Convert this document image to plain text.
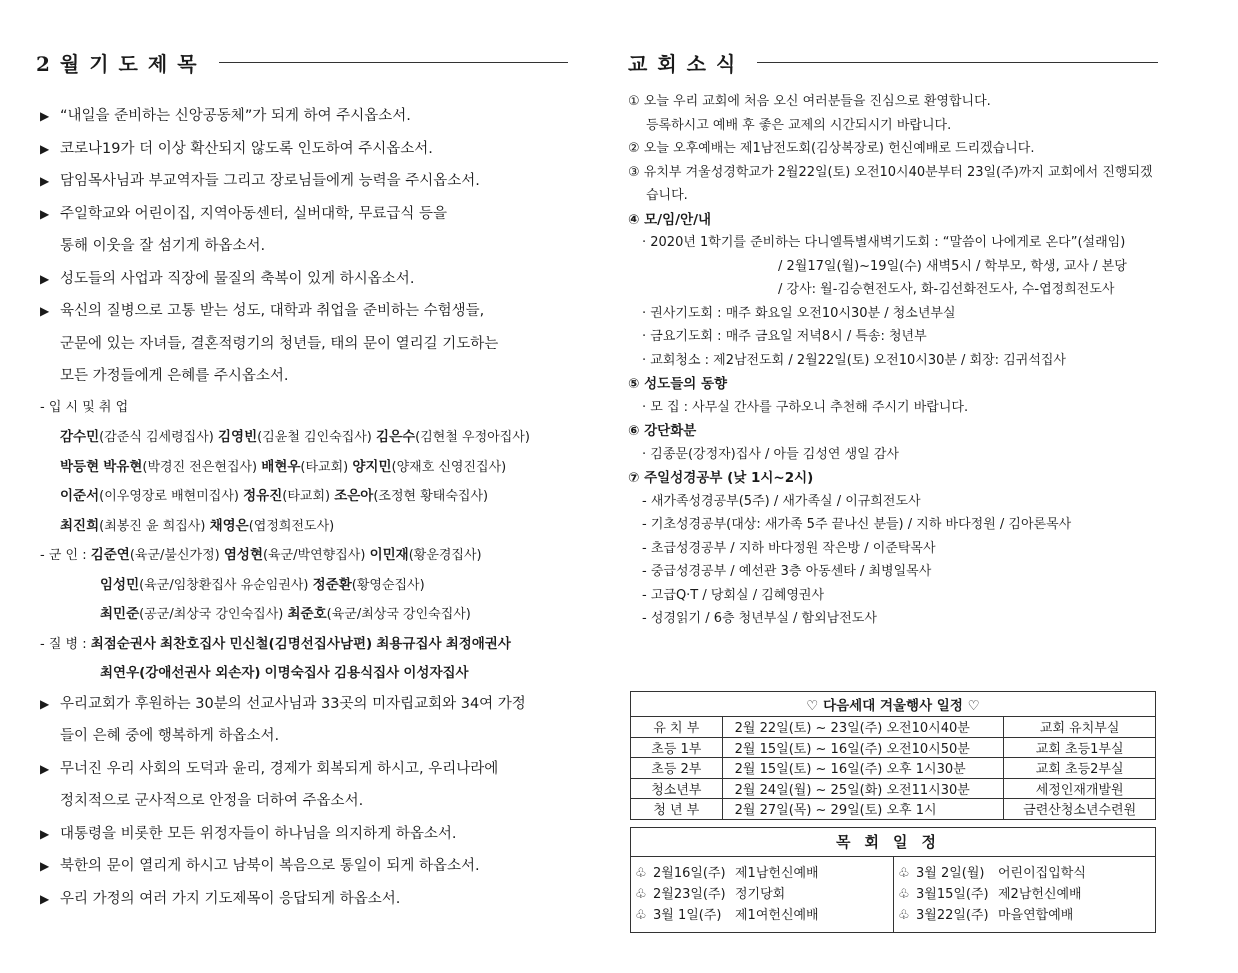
2월기도제목
▶ “내일을 준비하는 신앙공동체”가 되게 하여 주시옵소서.
▶ 코로나19가 더 이상 확산되지 않도록 인도하여 주시옵소서.
▶ 담임목사님과 부교역자들 그리고 장로님들에게 능력을 주시옵소서.
▶ 주일학교와 어린이집, 지역아동센터, 실버대학, 무료급식 등을
통해 이웃을 잘 섬기게 하옵소서.
▶ 성도들의 사업과 직장에 물질의 축복이 있게 하시옵소서.
▶ 육신의 질병으로 고통 받는 성도, 대학과 취업을 준비하는 수험생들,
군문에 있는 자녀들, 결혼적령기의 청년들, 태의 문이 열리길 기도하는
모든 가정들에게 은혜를 주시옵소서.
- 입 시 및 취 업
감수민(감준식 김세령집사) 김영빈(김윤철 김인숙집사) 김은수(김현철 우정아집사)
박등현 박유현(박경진 전은현집사) 배현우(타교회) 양지민(양재호 신영진집사)
이준서(이우영장로 배현미집사) 정유진(타교회) 조은아(조정현 황태숙집사)
최진희(최봉진 윤 희집사) 채영은(엽정희전도사)
- 군 인 : 김준연(육군/불신가정) 염성현(육군/박연향집사) 이민재(황운경집사)
임성민(육군/임창환집사 유순임권사) 정준환(황영순집사)
최민준(공군/최상국 강인숙집사) 최준호(육군/최상국 강인숙집사)
- 질 병 : 최점순권사 최찬호집사 민신철(김명선집사남편) 최용규집사 최정애권사
최연우(강애선권사 외손자) 이명숙집사 김용식집사 이성자집사
▶ 우리교회가 후원하는 30분의 선교사님과 33곳의 미자립교회와 34여 가정
들이 은혜 중에 행복하게 하옵소서.
▶ 무너진 우리 사회의 도덕과 윤리, 경제가 회복되게 하시고, 우리나라에
정치적으로 군사적으로 안정을 더하여 주옵소서.
▶ 대통령을 비롯한 모든 위정자들이 하나님을 의지하게 하옵소서.
▶ 북한의 문이 열리게 하시고 남북이 복음으로 통일이 되게 하옵소서.
▶ 우리 가정의 여러 가지 기도제목이 응답되게 하옵소서.
교회소식
① 오늘 우리 교회에 처음 오신 여러분들을 진심으로 환영합니다.
등록하시고 예배 후 좋은 교제의 시간되시기 바랍니다.
② 오늘 오후예배는 제1남전도회(김상복장로) 헌신예배로 드리겠습니다.
③ 유치부 겨울성경학교가 2월22일(토) 오전10시40분부터 23일(주)까지 교회에서 진행되겠
습니다.
④ 모/임/안/내
· 2020년 1학기를 준비하는 다니엘특별새벽기도회 : “말씀이 나에게로 온다”(설래임)
/ 2월17일(월)~19일(수) 새벽5시 / 학부모, 학생, 교사 / 본당
/ 강사: 월-김승현전도사, 화-김선화전도사, 수-엽정희전도사
· 권사기도회 : 매주 화요일 오전10시30분 / 청소년부실
· 금요기도회 : 매주 금요일 저녁8시 / 특송: 청년부
· 교회청소 : 제2남전도회 / 2월22일(토) 오전10시30분 / 회장: 김귀석집사
⑤ 성도들의 동향
· 모 집 : 사무실 간사를 구하오니 추천해 주시기 바랍니다.
⑥ 강단화분
· 김종문(강정자)집사 / 아들 김성연 생일 감사
⑦ 주일성경공부 (낮 1시~2시)
- 새가족성경공부(5주) / 새가족실 / 이규희전도사
- 기초성경공부(대상: 새가족 5주 끝나신 분들) / 지하 바다정원 / 김아론목사
- 초급성경공부 / 지하 바다정원 작은방 / 이준탁목사
- 중급성경공부 / 예선관 3층 아동센타 / 최병일목사
- 고급Q·T / 당회실 / 김혜영권사
- 성경읽기 / 6층 청년부실 / 함외남전도사
♡ 다음세대 겨울행사 일정 ♡		
유 치 부	2월 22일(토) ~ 23일(주) 오전10시40분	교회 유치부실
초등 1부	2월 15일(토) ~ 16일(주) 오전10시50분	교회 초등1부실
초등 2부	2월 15일(토) ~ 16일(주) 오후 1시30분	교회 초등2부실
청소년부	2월 24일(월) ~ 25일(화) 오전11시30분	세정인재개발원
청 년 부	2월 27일(목) ~ 29일(토) 오후 1시	금련산청소년수련원
목회일정
♧ 2월16일(주) 제1남헌신예배
♧ 2월23일(주) 정기당회
♧ 3월 1일(주) 제1여헌신예배
♧ 3월 2일(월) 어린이집입학식
♧ 3월15일(주) 제2남헌신예배
♧ 3월22일(주) 마을연합예배
